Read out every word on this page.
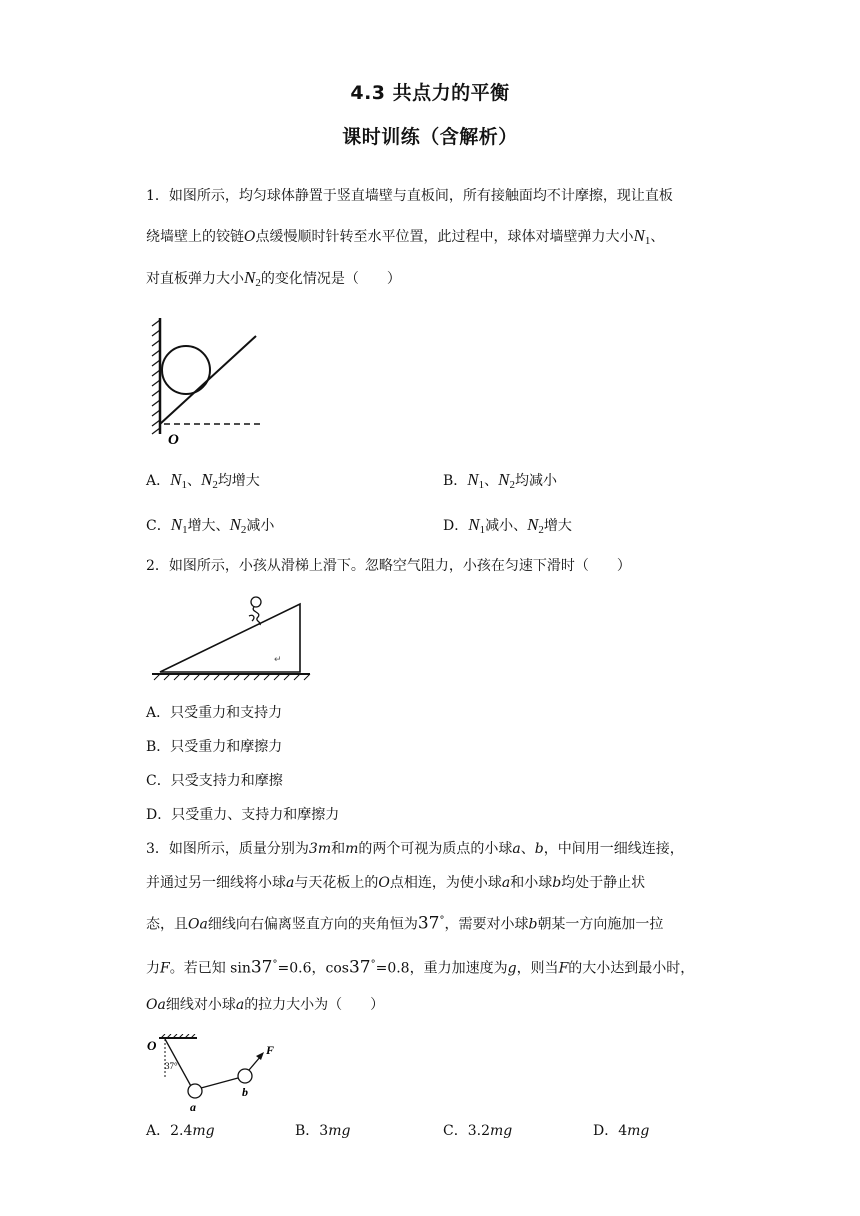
4.3 共点力的平衡
课时训练（含解析）
1．如图所示，均匀球体静置于竖直墙壁与直板间，所有接触面均不计摩擦，现让直板
绕墙壁上的铰链O点缓慢顺时针转至水平位置，此过程中，球体对墙壁弹力大小$N_1$、
对直板弹力大小$N_2$的变化情况是（　　）
O
A．$N_1$、$N_2$均增大	B．$N_1$、$N_2$均减小
C．$N_1$增大、$N_2$减小	D．$N_1$减小、$N_2$增大
2．如图所示，小孩从滑梯上滑下。忽略空气阻力，小孩在匀速下滑时（　　）
↵
A．只受重力和支持力
B．只受重力和摩擦力
C．只受支持力和摩擦
D．只受重力、支持力和摩擦力
3．如图所示，质量分别为3m和m的两个可视为质点的小球a、b，中间用一细线连接，
并通过另一细线将小球a与天花板上的O点相连，为使小球a和小球b均处于静止状
态，且Oa细线向右偏离竖直方向的夹角恒为37°，需要对小球b朝某一方向施加一拉
力F。若已知 sin37°=0.6，cos37°=0.8，重力加速度为g，则当F的大小达到最小时，
Oa细线对小球a的拉力大小为（　　）
O
37°
a
b
F
A．2.4mg	B．3mg	C．3.2mg	D．4mg
